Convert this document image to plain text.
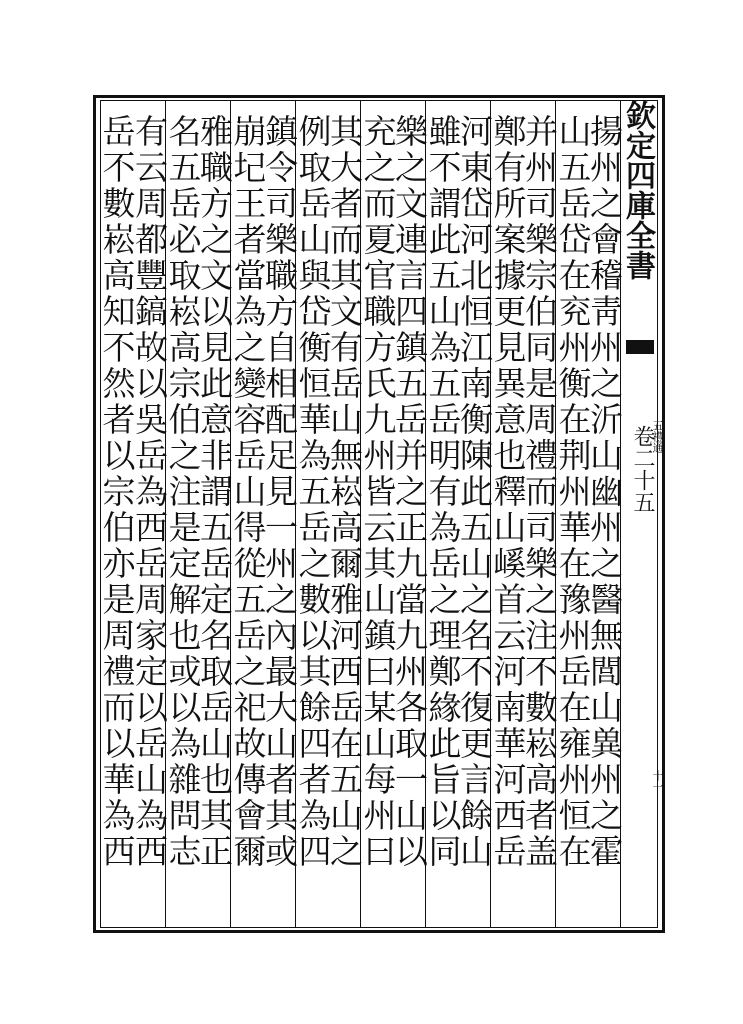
欽定四庫全書
卷二十五
五禮通
十一
揚州之會稽靑州之沂山幽州之醫無閭山兾州之霍
山五岳岱在兖州衡在荆州華在豫州岳在雍州恒在
并州司樂宗伯同是周禮而司樂之注不數崧高者盖
鄭有所案據更見異意也釋山嵠首云河南華河西岳
河東岱河北恒江南衡陳此五山之名不復更言餘山
雖不謂此五山為五岳明有為岳之理鄭緣此旨以同
樂之文連言四鎮五岳并之正九當九州各取一山以
充之而夏官職方氏九州皆云其山鎮曰某山每州曰
其大者而其文有岳山無崧高爾雅河西岳在五山之
例取岳山與岱衡恒華為五岳之數以其餘四者為四
鎮令司樂職方自相配足見一州之內最大山者其或
崩圮王者當為之變容岳山得從五岳之祀故傳會爾
雅職方之文以見此意非謂五岳定名取岳山也其正
名五岳必取崧高宗伯之注是定解也或以為雜問志
有云周都豐鎬故以吳岳為西岳周家定以岳山為西
岳不數崧高知不然者以宗伯亦是周禮而以華為西
